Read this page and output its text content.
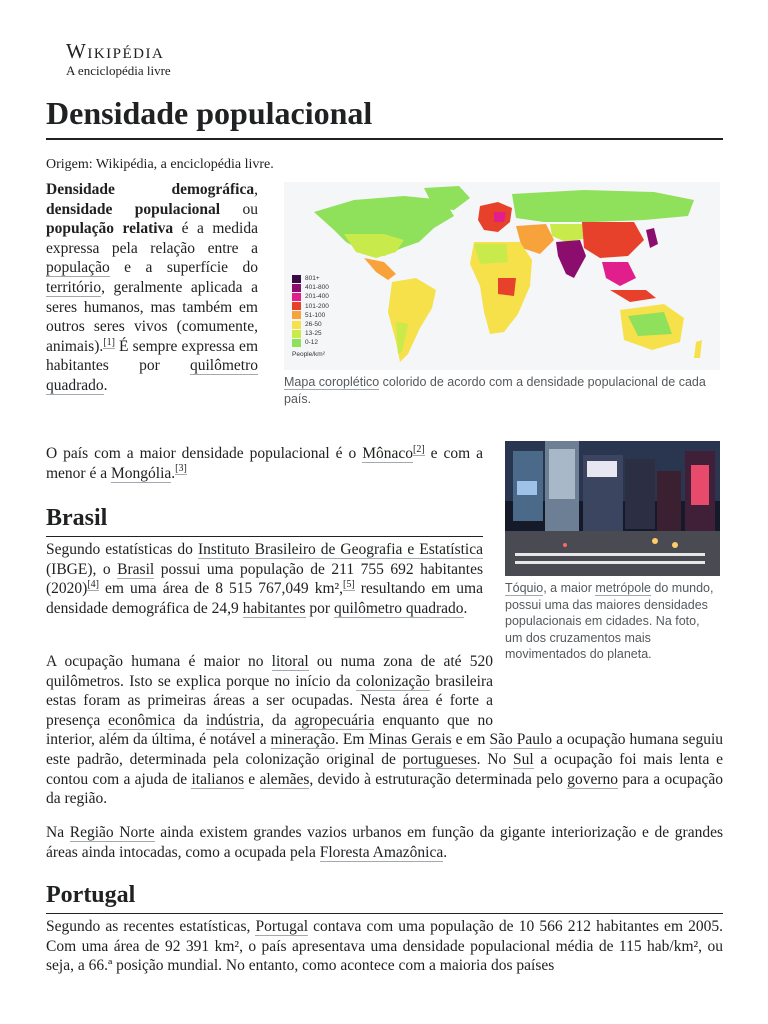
Wikipédia
A enciclopédia livre
Densidade populacional
Origem: Wikipédia, a enciclopédia livre.

Densidade demográfica, densidade populacional ou população relativa é a medida expressa pela relação entre a população e a superfície do território, geralmente aplicada a seres humanos, mas também em outros seres vivos (comumente, animais).[1] É sempre expressa em habitantes por quilômetro quadrado.

801+
401-800
201-400
101-200
51-100
26-50
13-25
0-12
People/km²
Mapa coroplético colorido de acordo com a densidade populacional de cada país.

O país com a maior densidade populacional é o Mônaco[2] e com a menor é a Mongólia.[3]

Tóquio, a maior metrópole do mundo, possui uma das maiores densidades populacionais em cidades. Na foto, um dos cruzamentos mais movimentados do planeta.
Brasil

Segundo estatísticas do Instituto Brasileiro de Geografia e Estatística (IBGE), o Brasil possui uma população de 211 755 692 habitantes (2020)[4] em uma área de 8 515 767,049 km²,[5] resultando em uma densidade demográfica de 24,9 habitantes por quilômetro quadrado.

A ocupação humana é maior no litoral ou numa zona de até 520 quilômetros. Isto se explica porque no início da colonização brasileira estas foram as primeiras áreas a ser ocupadas. Nesta área é forte a presença econômica da indústria, da agropecuária enquanto que no interior, além da última, é notável a mineração. Em Minas Gerais e em São Paulo a ocupação humana seguiu este padrão, determinada pela colonização original de portugueses. No Sul a ocupação foi mais lenta e contou com a ajuda de italianos e alemães, devido à estruturação determinada pelo governo para a ocupação da região.

Na Região Norte ainda existem grandes vazios urbanos em função da gigante interiorização e de grandes áreas ainda intocadas, como a ocupada pela Floresta Amazônica.

Portugal

Segundo as recentes estatísticas, Portugal contava com uma população de 10 566 212 habitantes em 2005. Com uma área de 92 391 km², o país apresentava uma densidade populacional média de 115 hab/km², ou seja, a 66.ª posição mundial. No entanto, como acontece com a maioria dos países
